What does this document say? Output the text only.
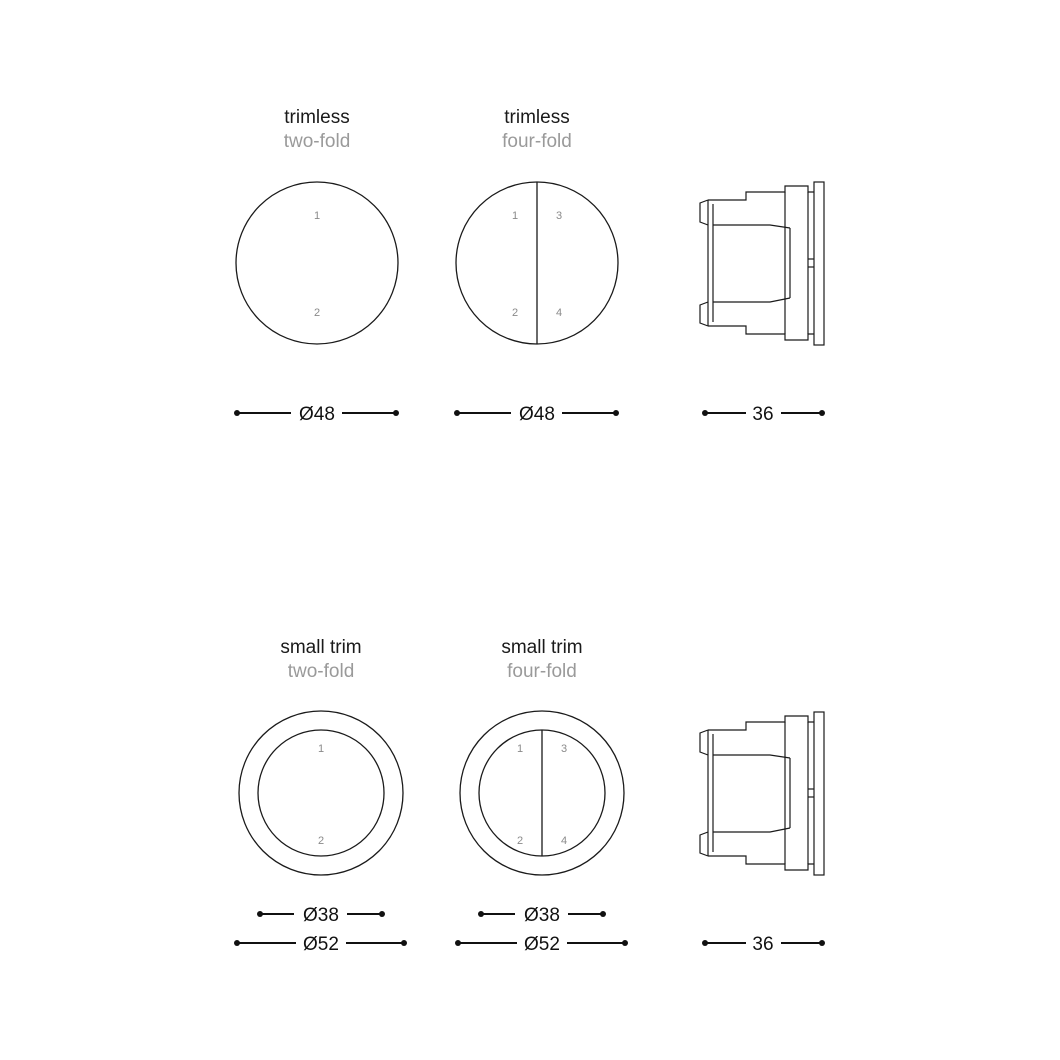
trimless
two-fold
trimless
four-fold
small trim
two-fold
small trim
four-fold
1
2
1
2
3
4
1
2
1
2
3
4
Ø48	Ø48	36
Ø38	Ø38
Ø52	Ø52	36
